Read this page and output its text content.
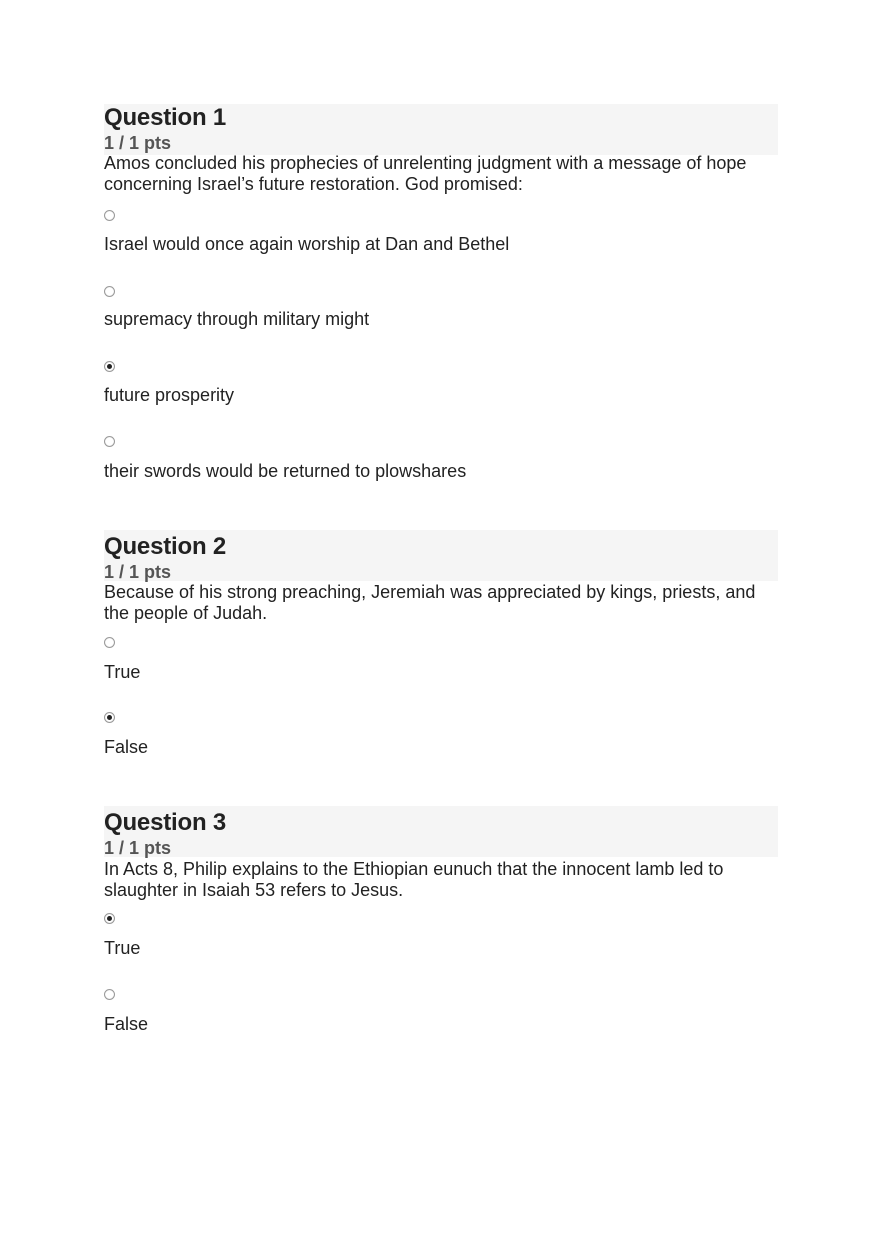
Question 1
1 / 1 pts
Amos concluded his prophecies of unrelenting judgment with a message of hope concerning Israel’s future restoration. God promised:
Israel would once again worship at Dan and Bethel
supremacy through military might
future prosperity
their swords would be returned to plowshares
Question 2
1 / 1 pts
Because of his strong preaching, Jeremiah was appreciated by kings, priests, and the people of Judah.
True
False
Question 3
1 / 1 pts
In Acts 8, Philip explains to the Ethiopian eunuch that the innocent lamb led to slaughter in Isaiah 53 refers to Jesus.
True
False
